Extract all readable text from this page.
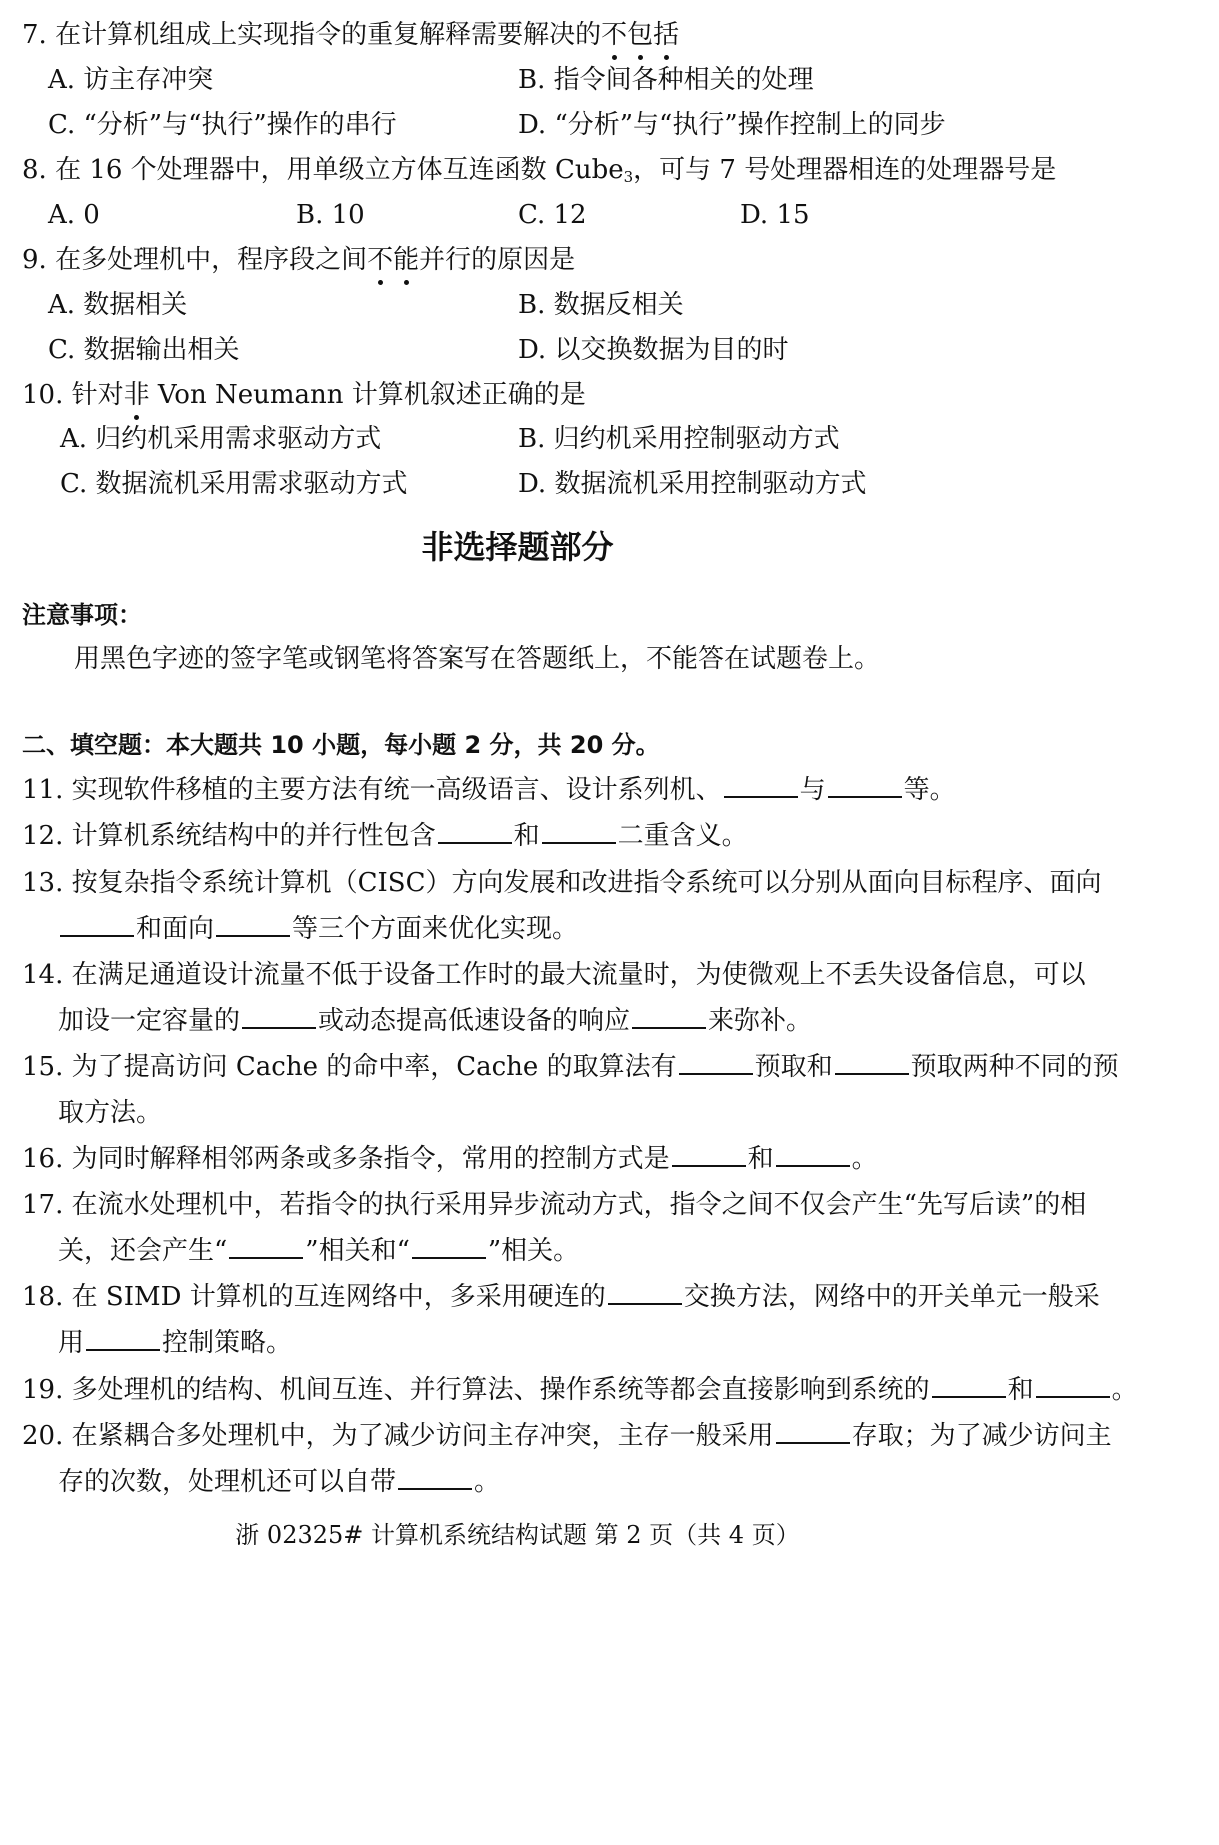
7. 在计算机组成上实现指令的重复解释需要解决的不包括
A. 访主存冲突	B. 指令间各种相关的处理
C. “分析”与“执行”操作的串行	D. “分析”与“执行”操作控制上的同步
8. 在 16 个处理器中，用单级立方体互连函数 Cube$_3$，可与 7 号处理器相连的处理器号是
A. 0	B. 10	C. 12	D. 15
9. 在多处理机中，程序段之间不能并行的原因是
A. 数据相关	B. 数据反相关
C. 数据输出相关	D. 以交换数据为目的时
10. 针对非 Von Neumann 计算机叙述正确的是
A. 归约机采用需求驱动方式	B. 归约机采用控制驱动方式
C. 数据流机采用需求驱动方式	D. 数据流机采用控制驱动方式
非选择题部分
注意事项：
用黑色字迹的签字笔或钢笔将答案写在答题纸上，不能答在试题卷上。
二、填空题：本大题共 10 小题，每小题 2 分，共 20 分。
11. 实现软件移植的主要方法有统一高级语言、设计系列机、	与	等。
12. 计算机系统结构中的并行性包含	和	二重含义。
13. 按复杂指令系统计算机（CISC）方向发展和改进指令系统可以分别从面向目标程序、面向
和面向	等三个方面来优化实现。
14. 在满足通道设计流量不低于设备工作时的最大流量时，为使微观上不丢失设备信息，可以
加设一定容量的	或动态提高低速设备的响应	来弥补。
15. 为了提高访问 Cache 的命中率，Cache 的取算法有	预取和	预取两种不同的预
取方法。
16. 为同时解释相邻两条或多条指令，常用的控制方式是	和	。
17. 在流水处理机中，若指令的执行采用异步流动方式，指令之间不仅会产生“先写后读”的相
关，还会产生“	”相关和“	”相关。
18. 在 SIMD 计算机的互连网络中，多采用硬连的	交换方法，网络中的开关单元一般采
用	控制策略。
19. 多处理机的结构、机间互连、并行算法、操作系统等都会直接影响到系统的	和	。
20. 在紧耦合多处理机中，为了减少访问主存冲突，主存一般采用	存取；为了减少访问主
存的次数，处理机还可以自带	。
浙 02325# 计算机系统结构试题 第 2 页（共 4 页）
